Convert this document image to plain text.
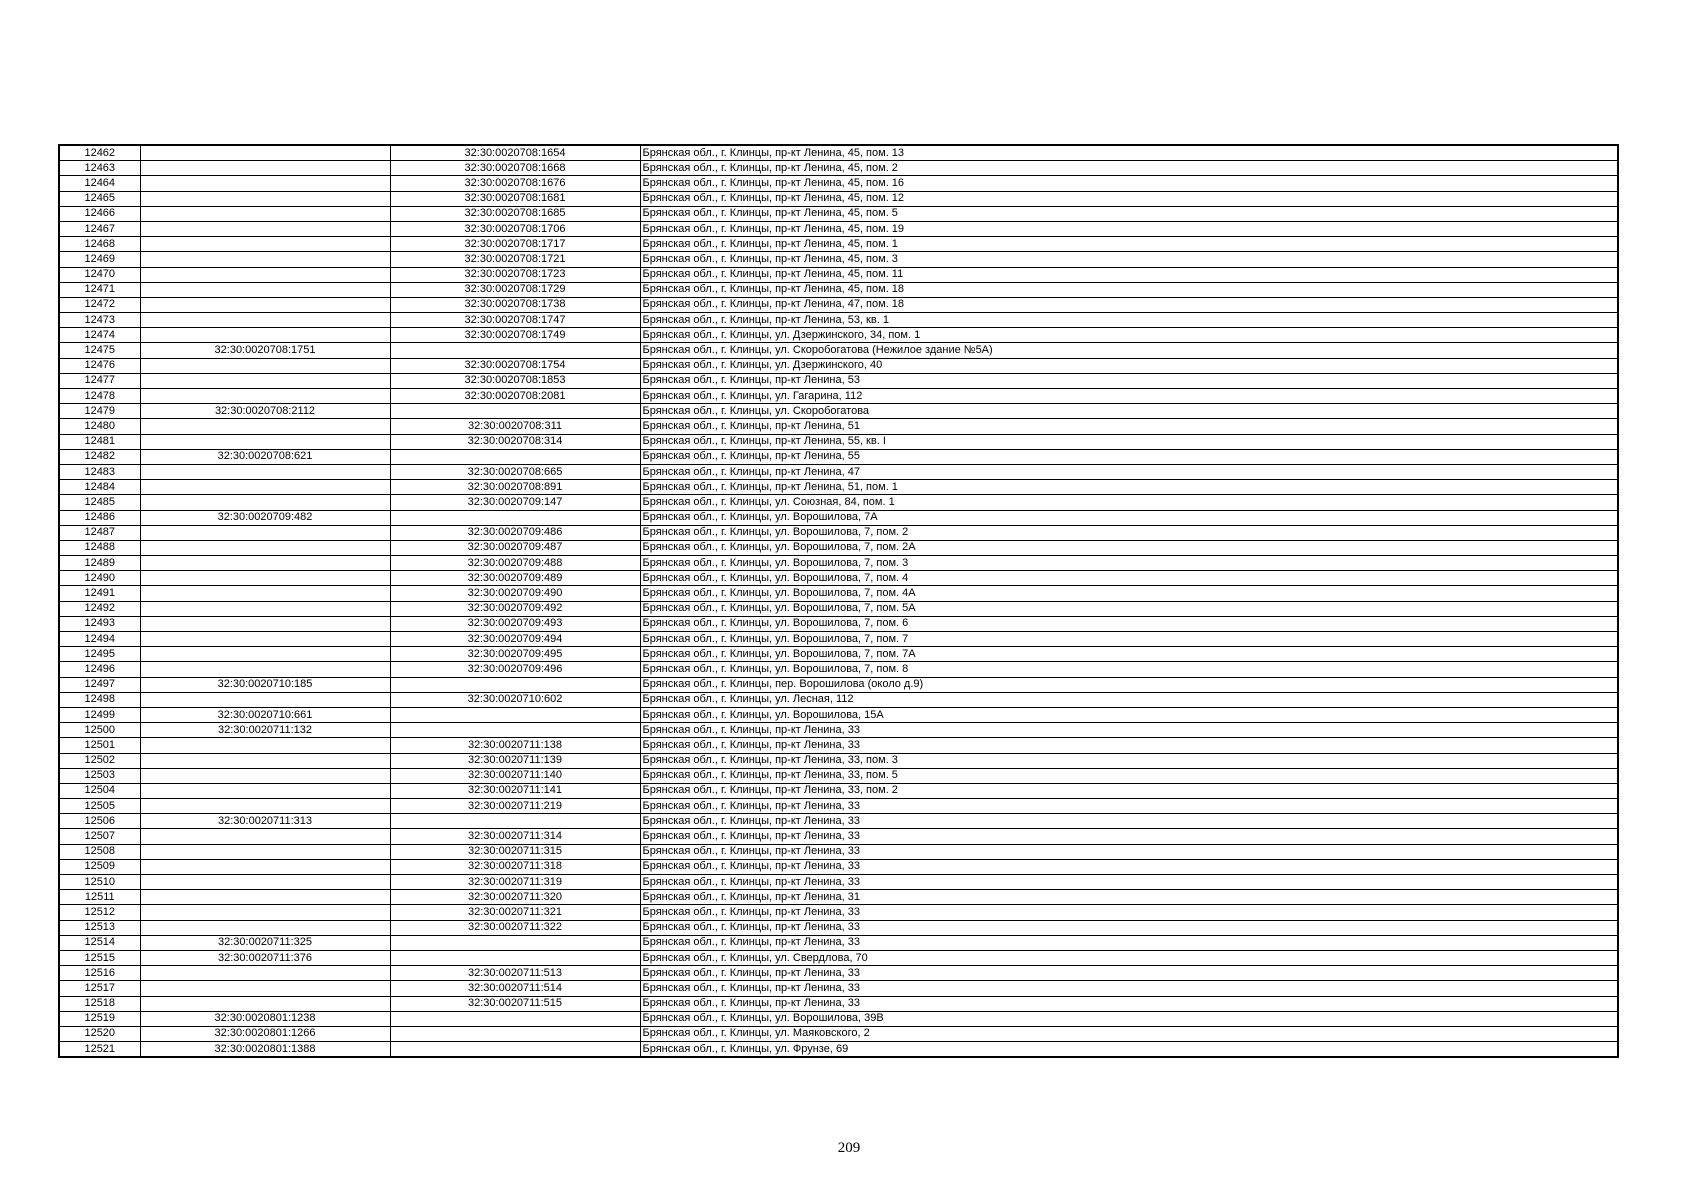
12462		32:30:0020708:1654	Брянская обл., г. Клинцы, пр-кт Ленина, 45, пом. 13
12463		32:30:0020708:1668	Брянская обл., г. Клинцы, пр-кт Ленина, 45, пом. 2
12464		32:30:0020708:1676	Брянская обл., г. Клинцы, пр-кт Ленина, 45, пом. 16
12465		32:30:0020708:1681	Брянская обл., г. Клинцы, пр-кт Ленина, 45, пом. 12
12466		32:30:0020708:1685	Брянская обл., г. Клинцы, пр-кт Ленина, 45, пом. 5
12467		32:30:0020708:1706	Брянская обл., г. Клинцы, пр-кт Ленина, 45, пом. 19
12468		32:30:0020708:1717	Брянская обл., г. Клинцы, пр-кт Ленина, 45, пом. 1
12469		32:30:0020708:1721	Брянская обл., г. Клинцы, пр-кт Ленина, 45, пом. 3
12470		32:30:0020708:1723	Брянская обл., г. Клинцы, пр-кт Ленина, 45, пом. 11
12471		32:30:0020708:1729	Брянская обл., г. Клинцы, пр-кт Ленина, 45, пом. 18
12472		32:30:0020708:1738	Брянская обл., г. Клинцы, пр-кт Ленина, 47, пом. 18
12473		32:30:0020708:1747	Брянская обл., г. Клинцы, пр-кт Ленина, 53, кв. 1
12474		32:30:0020708:1749	Брянская обл., г. Клинцы, ул. Дзержинского, 34, пом. 1
12475	32:30:0020708:1751		Брянская обл., г. Клинцы, ул. Скоробогатова (Нежилое здание №5А)
12476		32:30:0020708:1754	Брянская обл., г. Клинцы, ул. Дзержинского, 40
12477		32:30:0020708:1853	Брянская обл., г. Клинцы, пр-кт Ленина, 53
12478		32:30:0020708:2081	Брянская обл., г. Клинцы, ул. Гагарина, 112
12479	32:30:0020708:2112		Брянская обл., г. Клинцы, ул. Скоробогатова
12480		32:30:0020708:311	Брянская обл., г. Клинцы, пр-кт Ленина, 51
12481		32:30:0020708:314	Брянская обл., г. Клинцы, пр-кт Ленина, 55, кв. I
12482	32:30:0020708:621		Брянская обл., г. Клинцы, пр-кт Ленина, 55
12483		32:30:0020708:665	Брянская обл., г. Клинцы, пр-кт Ленина, 47
12484		32:30:0020708:891	Брянская обл., г. Клинцы, пр-кт Ленина, 51, пом. 1
12485		32:30:0020709:147	Брянская обл., г. Клинцы, ул. Союзная, 84, пом. 1
12486	32:30:0020709:482		Брянская обл., г. Клинцы, ул. Ворошилова, 7А
12487		32:30:0020709:486	Брянская обл., г. Клинцы, ул. Ворошилова, 7, пом. 2
12488		32:30:0020709:487	Брянская обл., г. Клинцы, ул. Ворошилова, 7, пом. 2А
12489		32:30:0020709:488	Брянская обл., г. Клинцы, ул. Ворошилова, 7, пом. 3
12490		32:30:0020709:489	Брянская обл., г. Клинцы, ул. Ворошилова, 7, пом. 4
12491		32:30:0020709:490	Брянская обл., г. Клинцы, ул. Ворошилова, 7, пом. 4А
12492		32:30:0020709:492	Брянская обл., г. Клинцы, ул. Ворошилова, 7, пом. 5А
12493		32:30:0020709:493	Брянская обл., г. Клинцы, ул. Ворошилова, 7, пом. 6
12494		32:30:0020709:494	Брянская обл., г. Клинцы, ул. Ворошилова, 7, пом. 7
12495		32:30:0020709:495	Брянская обл., г. Клинцы, ул. Ворошилова, 7, пом. 7А
12496		32:30:0020709:496	Брянская обл., г. Клинцы, ул. Ворошилова, 7, пом. 8
12497	32:30:0020710:185		Брянская обл., г. Клинцы, пер. Ворошилова (около д.9)
12498		32:30:0020710:602	Брянская обл., г. Клинцы, ул. Лесная, 112
12499	32:30:0020710:661		Брянская обл., г. Клинцы, ул. Ворошилова, 15А
12500	32:30:0020711:132		Брянская обл., г. Клинцы, пр-кт Ленина, 33
12501		32:30:0020711:138	Брянская обл., г. Клинцы, пр-кт Ленина, 33
12502		32:30:0020711:139	Брянская обл., г. Клинцы, пр-кт Ленина, 33, пом. 3
12503		32:30:0020711:140	Брянская обл., г. Клинцы, пр-кт Ленина, 33, пом. 5
12504		32:30:0020711:141	Брянская обл., г. Клинцы, пр-кт Ленина, 33, пом. 2
12505		32:30:0020711:219	Брянская обл., г. Клинцы, пр-кт Ленина, 33
12506	32:30:0020711:313		Брянская обл., г. Клинцы, пр-кт Ленина, 33
12507		32:30:0020711:314	Брянская обл., г. Клинцы, пр-кт Ленина, 33
12508		32:30:0020711:315	Брянская обл., г. Клинцы, пр-кт Ленина, 33
12509		32:30:0020711:318	Брянская обл., г. Клинцы, пр-кт Ленина, 33
12510		32:30:0020711:319	Брянская обл., г. Клинцы, пр-кт Ленина, 33
12511		32:30:0020711:320	Брянская обл., г. Клинцы, пр-кт Ленина, 31
12512		32:30:0020711:321	Брянская обл., г. Клинцы, пр-кт Ленина, 33
12513		32:30:0020711:322	Брянская обл., г. Клинцы, пр-кт Ленина, 33
12514	32:30:0020711:325		Брянская обл., г. Клинцы, пр-кт Ленина, 33
12515	32:30:0020711:376		Брянская обл., г. Клинцы, ул. Свердлова, 70
12516		32:30:0020711:513	Брянская обл., г. Клинцы, пр-кт Ленина, 33
12517		32:30:0020711:514	Брянская обл., г. Клинцы, пр-кт Ленина, 33
12518		32:30:0020711:515	Брянская обл., г. Клинцы, пр-кт Ленина, 33
12519	32:30:0020801:1238		Брянская обл., г. Клинцы, ул. Ворошилова, 39В
12520	32:30:0020801:1266		Брянская обл., г. Клинцы, ул. Маяковского, 2
12521	32:30:0020801:1388		Брянская обл., г. Клинцы, ул. Фрунзе, 69
209
